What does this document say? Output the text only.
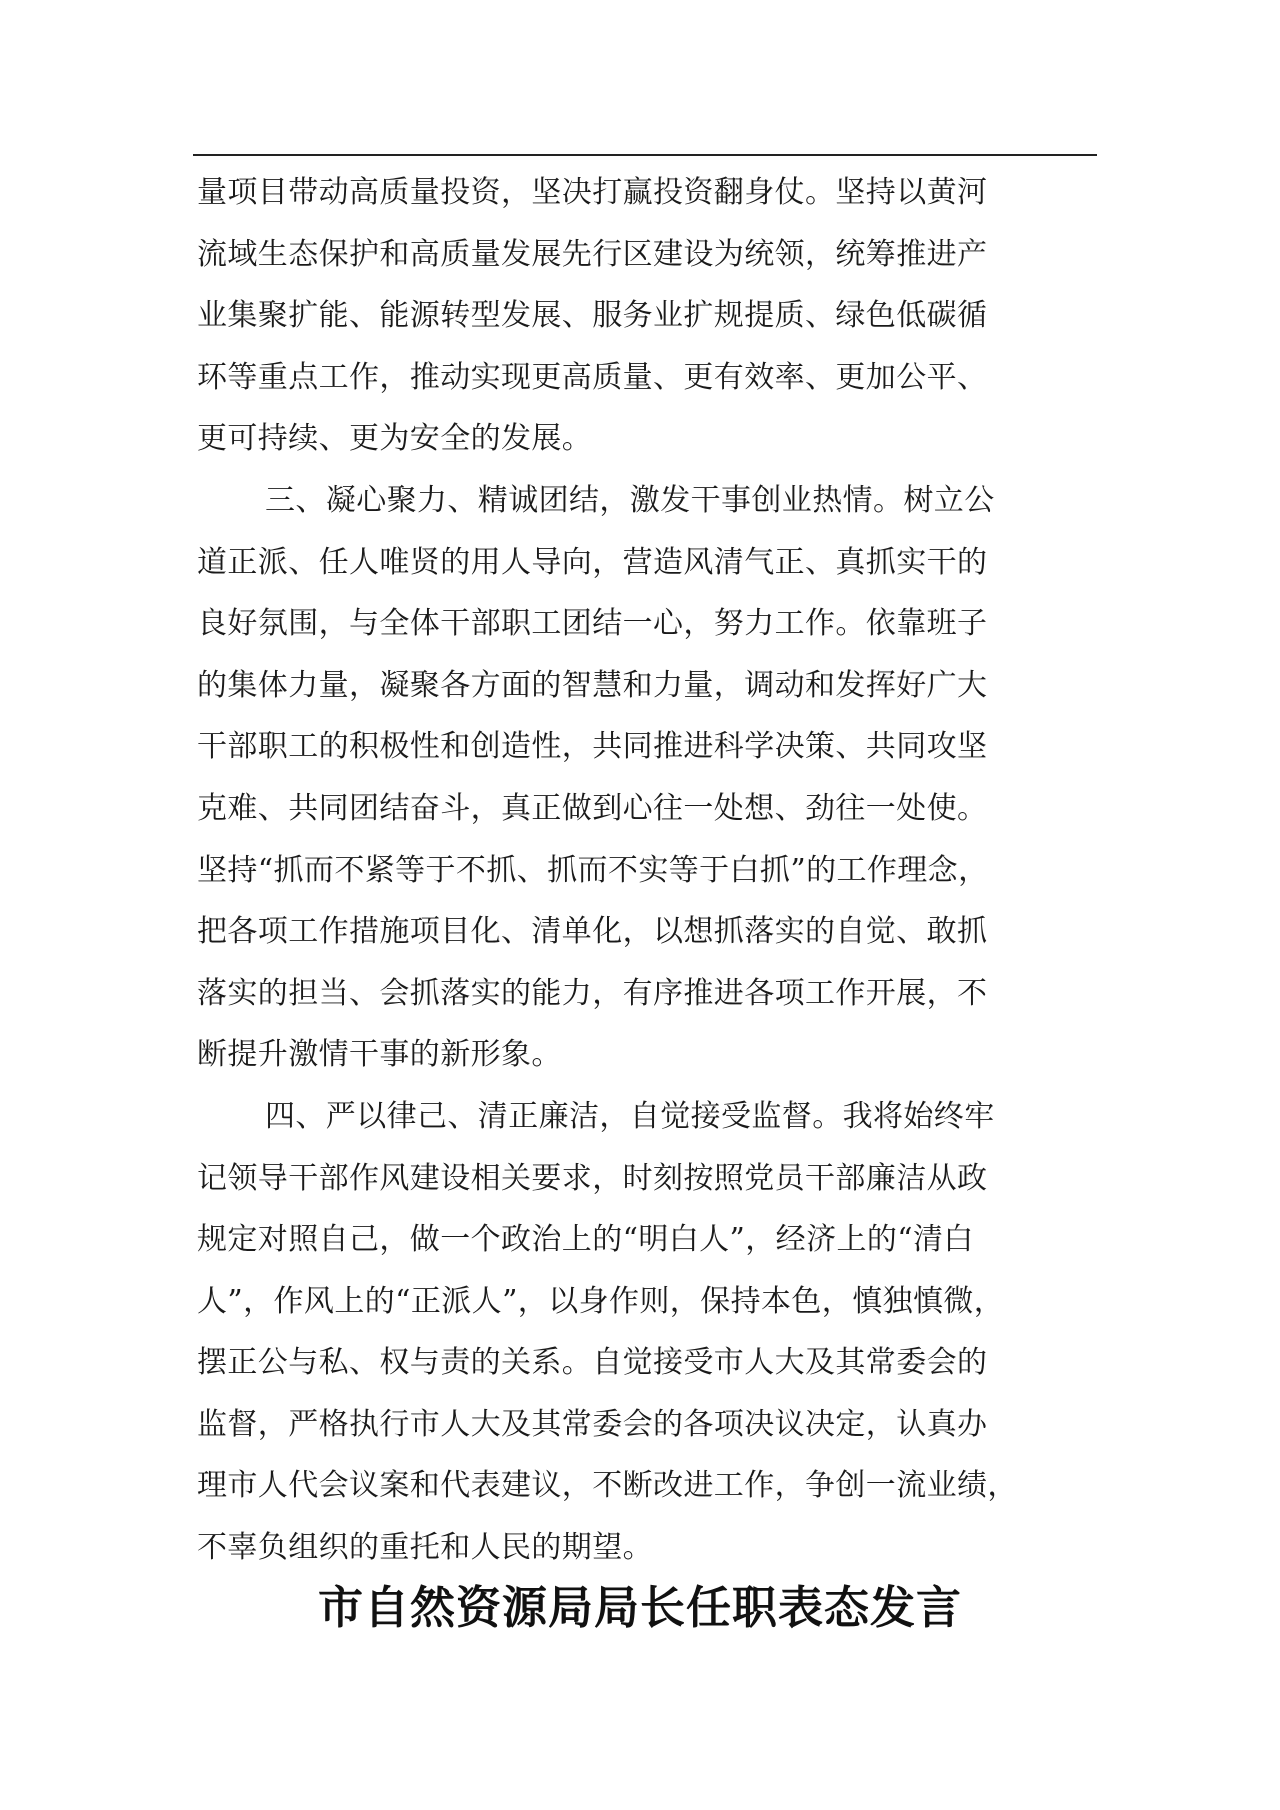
量项目带动高质量投资，坚决打赢投资翻身仗。坚持以黄河
流域生态保护和高质量发展先行区建设为统领，统筹推进产
业集聚扩能、能源转型发展、服务业扩规提质、绿色低碳循
环等重点工作，推动实现更高质量、更有效率、更加公平、
更可持续、更为安全的发展。
三、凝心聚力、精诚团结，激发干事创业热情。树立公
道正派、任人唯贤的用人导向，营造风清气正、真抓实干的
良好氛围，与全体干部职工团结一心，努力工作。依靠班子
的集体力量，凝聚各方面的智慧和力量，调动和发挥好广大
干部职工的积极性和创造性，共同推进科学决策、共同攻坚
克难、共同团结奋斗，真正做到心往一处想、劲往一处使。
坚持“抓而不紧等于不抓、抓而不实等于白抓”的工作理念，
把各项工作措施项目化、清单化，以想抓落实的自觉、敢抓
落实的担当、会抓落实的能力，有序推进各项工作开展，不
断提升激情干事的新形象。
四、严以律己、清正廉洁，自觉接受监督。我将始终牢
记领导干部作风建设相关要求，时刻按照党员干部廉洁从政
规定对照自己，做一个政治上的“明白人”，经济上的“清白
人”，作风上的“正派人”，以身作则，保持本色，慎独慎微，
摆正公与私、权与责的关系。自觉接受市人大及其常委会的
监督，严格执行市人大及其常委会的各项决议决定，认真办
理市人代会议案和代表建议，不断改进工作，争创一流业绩，
不辜负组织的重托和人民的期望。
市自然资源局局长任职表态发言
